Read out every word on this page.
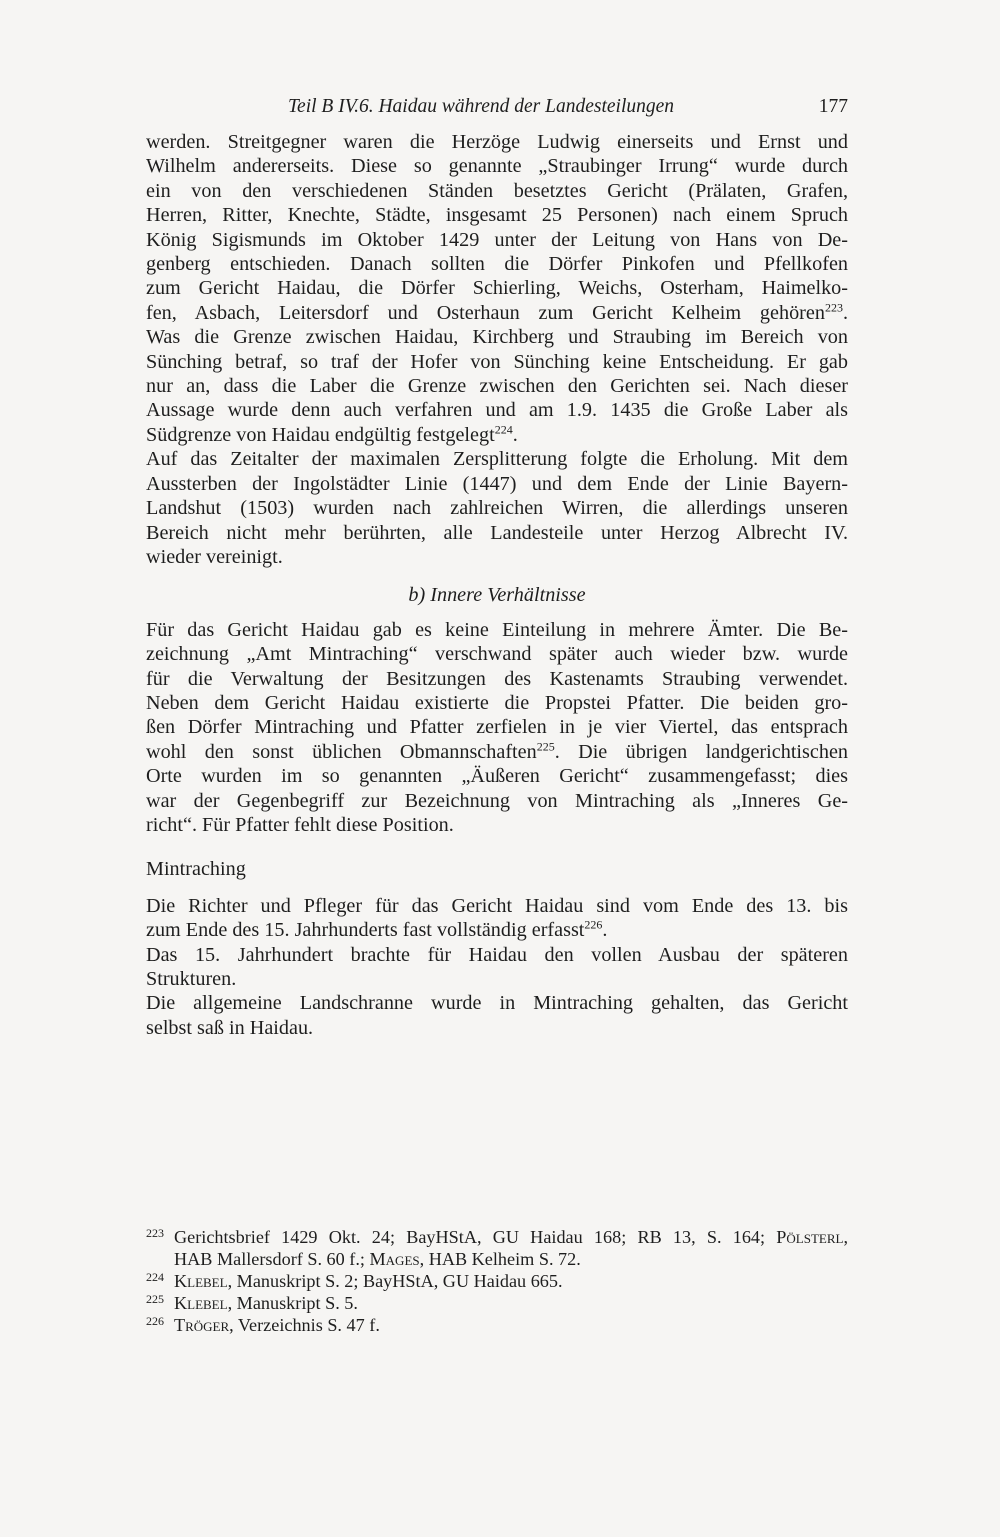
Teil B IV.6. Haidau während der Landesteilungen	177

werden. Streitgegner waren die Herzöge Ludwig einerseits und Ernst und
Wilhelm andererseits. Diese so genannte „Straubinger Irrung“ wurde durch
ein von den verschiedenen Ständen besetztes Gericht (Prälaten, Grafen,
Herren, Ritter, Knechte, Städte, insgesamt 25 Personen) nach einem Spruch
König Sigismunds im Oktober 1429 unter der Leitung von Hans von De-
genberg entschieden. Danach sollten die Dörfer Pinkofen und Pfellkofen
zum Gericht Haidau, die Dörfer Schierling, Weichs, Osterham, Haimelko-
fen, Asbach, Leitersdorf und Osterhaun zum Gericht Kelheim gehören$^{223}$.
Was die Grenze zwischen Haidau, Kirchberg und Straubing im Bereich von
Sünching betraf, so traf der Hofer von Sünching keine Entscheidung. Er gab
nur an, dass die Laber die Grenze zwischen den Gerichten sei. Nach dieser
Aussage wurde denn auch verfahren und am 1.9. 1435 die Große Laber als
Südgrenze von Haidau endgültig festgelegt$^{224}$.

Auf das Zeitalter der maximalen Zersplitterung folgte die Erholung. Mit dem
Aussterben der Ingolstädter Linie (1447) und dem Ende der Linie Bayern-
Landshut (1503) wurden nach zahlreichen Wirren, die allerdings unseren
Bereich nicht mehr berührten, alle Landesteile unter Herzog Albrecht IV.
wieder vereinigt.

b) Innere Verhältnisse

Für das Gericht Haidau gab es keine Einteilung in mehrere Ämter. Die Be-
zeichnung „Amt Mintraching“ verschwand später auch wieder bzw. wurde
für die Verwaltung der Besitzungen des Kastenamts Straubing verwendet.
Neben dem Gericht Haidau existierte die Propstei Pfatter. Die beiden gro-
ßen Dörfer Mintraching und Pfatter zerfielen in je vier Viertel, das entsprach
wohl den sonst üblichen Obmannschaften$^{225}$. Die übrigen landgerichtischen
Orte wurden im so genannten „Äußeren Gericht“ zusammengefasst; dies
war der Gegenbegriff zur Bezeichnung von Mintraching als „Inneres Ge-
richt“. Für Pfatter fehlt diese Position.

Mintraching

Die Richter und Pfleger für das Gericht Haidau sind vom Ende des 13. bis
zum Ende des 15. Jahrhunderts fast vollständig erfasst$^{226}$.

Das 15. Jahrhundert brachte für Haidau den vollen Ausbau der späteren
Strukturen.

Die allgemeine Landschranne wurde in Mintraching gehalten, das Gericht
selbst saß in Haidau.

223 Gerichtsbrief 1429 Okt. 24; BayHStA, GU Haidau 168; RB 13, S. 164; Pölsterl,
HAB Mallersdorf S. 60 f.; Mages, HAB Kelheim S. 72.
224 Klebel, Manuskript S. 2; BayHStA, GU Haidau 665.
225 Klebel, Manuskript S. 5.
226 Tröger, Verzeichnis S. 47 f.
